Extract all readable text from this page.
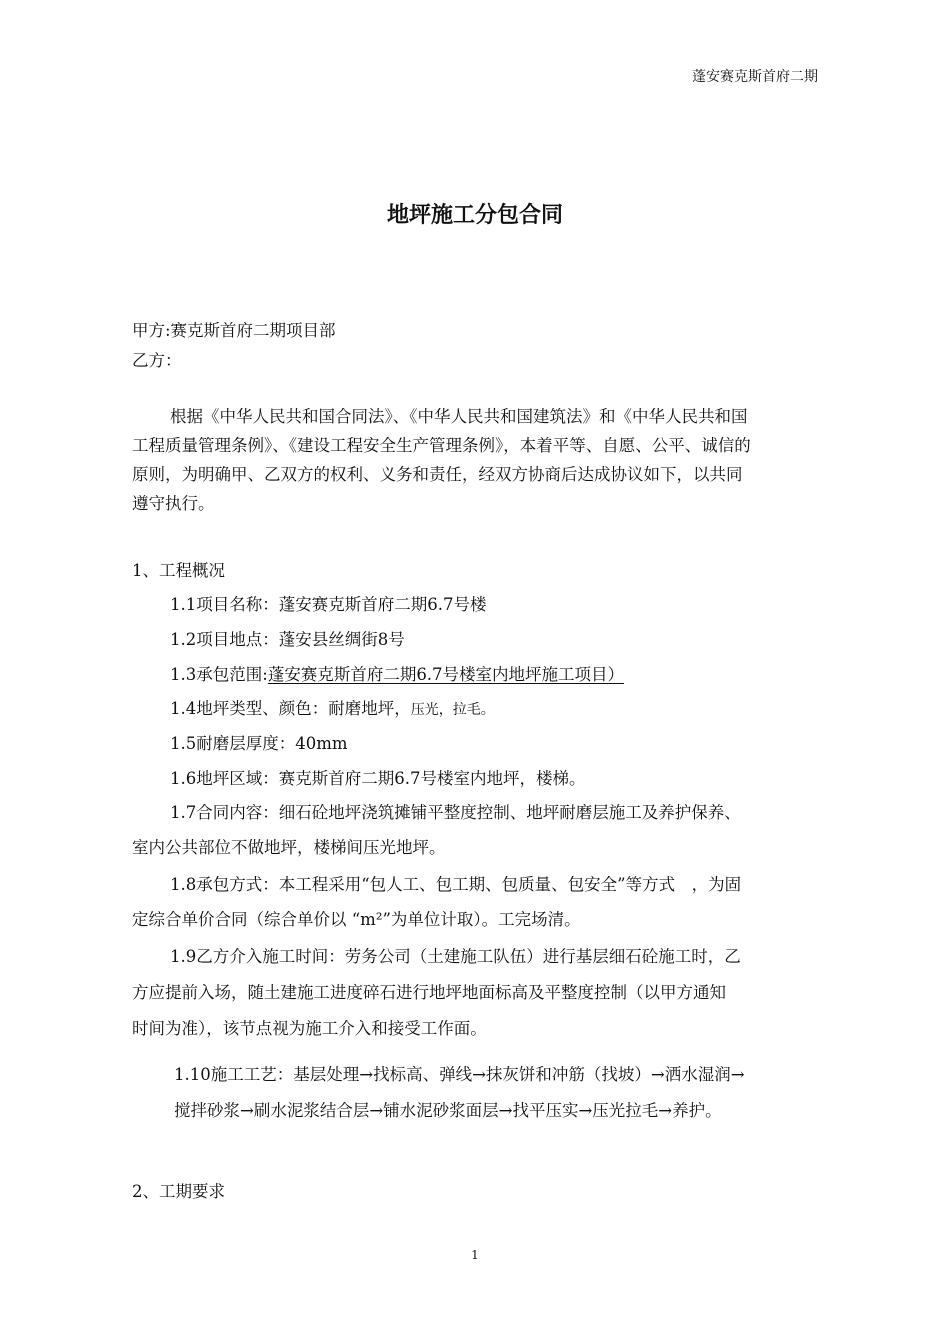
蓬安赛克斯首府二期
地坪施工分包合同
甲方:赛克斯首府二期项目部
乙方：
根据《中华人民共和国合同法》、《中华人民共和国建筑法》和《中华人民共和国
工程质量管理条例》、《建设工程安全生产管理条例》，本着平等、自愿、公平、诚信的
原则，为明确甲、乙双方的权利、义务和责任，经双方协商后达成协议如下，以共同
遵守执行。
1、工程概况
1.1项目名称：蓬安赛克斯首府二期6.7号楼
1.2项目地点：蓬安县丝绸街8号
1.3承包范围:蓬安赛克斯首府二期6.7号楼室内地坪施工项目）
1.4地坪类型、颜色：耐磨地坪，压光，拉毛。
1.5耐磨层厚度：40mm
1.6地坪区域：赛克斯首府二期6.7号楼室内地坪，楼梯。
1.7合同内容：细石砼地坪浇筑摊铺平整度控制、地坪耐磨层施工及养护保养、
室内公共部位不做地坪，楼梯间压光地坪。
1.8承包方式：本工程采用“包人工、包工期、包质量、包安全”等方式　，为固
定综合单价合同（综合单价以 “m²”为单位计取）。工完场清。
1.9乙方介入施工时间：劳务公司（土建施工队伍）进行基层细石砼施工时，乙
方应提前入场，随土建施工进度碎石进行地坪地面标高及平整度控制（以甲方通知
时间为准），该节点视为施工介入和接受工作面。
1.10施工工艺：基层处理→找标高、弹线→抹灰饼和冲筋（找坡）→洒水湿润→
搅拌砂浆→刷水泥浆结合层→铺水泥砂浆面层→找平压实→压光拉毛→养护。
2、工期要求
1
